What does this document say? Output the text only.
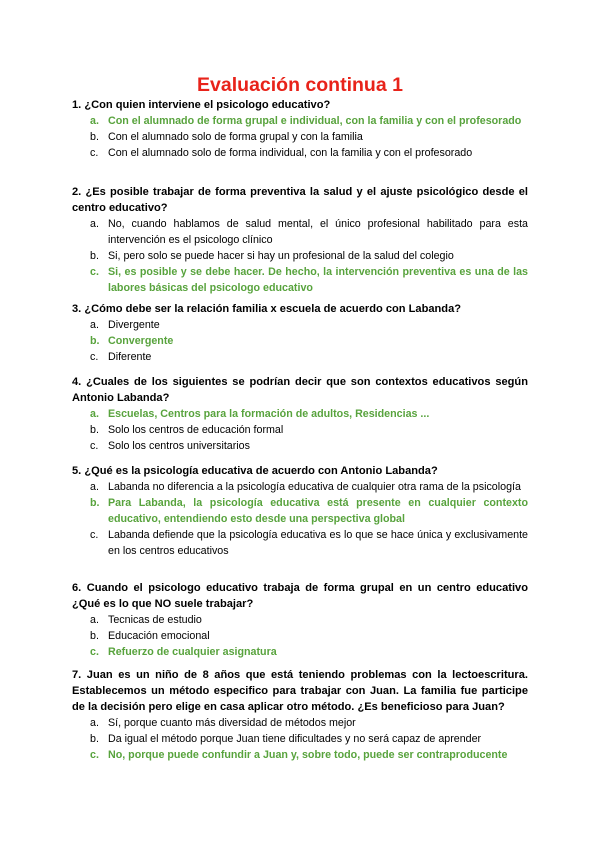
Evaluación continua 1

1. ¿Con quien interviene el psicologo educativo?

a. Con el alumnado de forma grupal e individual, con la familia y con el profesorado
b. Con el alumnado solo de forma grupal y con la familia
c. Con el alumnado solo de forma individual, con la familia y con el profesorado

2. ¿Es posible trabajar de forma preventiva la salud y el ajuste psicológico desde el centro educativo?

a. No, cuando hablamos de salud mental, el único profesional habilitado para esta intervención es el psicologo clínico
b. Si, pero solo se puede hacer si hay un profesional de la salud del colegio
c. Si, es posible y se debe hacer. De hecho, la intervención preventiva es una de las labores básicas del psicologo educativo

3. ¿Cómo debe ser la relación familia x escuela de acuerdo con Labanda?

a. Divergente
b. Convergente
c. Diferente

4. ¿Cuales de los siguientes se podrían decir que son contextos educativos según Antonio Labanda?

a. Escuelas, Centros para la formación de adultos, Residencias ...
b. Solo los centros de educación formal
c. Solo los centros universitarios

5. ¿Qué es la psicología educativa de acuerdo con Antonio Labanda?

a. Labanda no diferencia a la psicología educativa de cualquier otra rama de la psicología
b. Para Labanda, la psicología educativa está presente en cualquier contexto educativo, entendiendo esto desde una perspectiva global
c. Labanda defiende que la psicología educativa es lo que se hace única y exclusivamente en los centros educativos

6. Cuando el psicologo educativo trabaja de forma grupal en un centro educativo ¿Qué es lo que NO suele trabajar?

a. Tecnicas de estudio
b. Educación emocional
c. Refuerzo de cualquier asignatura

7. Juan es un niño de 8 años que está teniendo problemas con la lectoescritura. Establecemos un método especifico para trabajar con Juan. La familia fue participe de la decisión pero elige en casa aplicar otro método. ¿Es beneficioso para Juan?

a. Sí, porque cuanto más diversidad de métodos mejor
b. Da igual el método porque Juan tiene dificultades y no será capaz de aprender
c. No, porque puede confundir a Juan y, sobre todo, puede ser contraproducente
